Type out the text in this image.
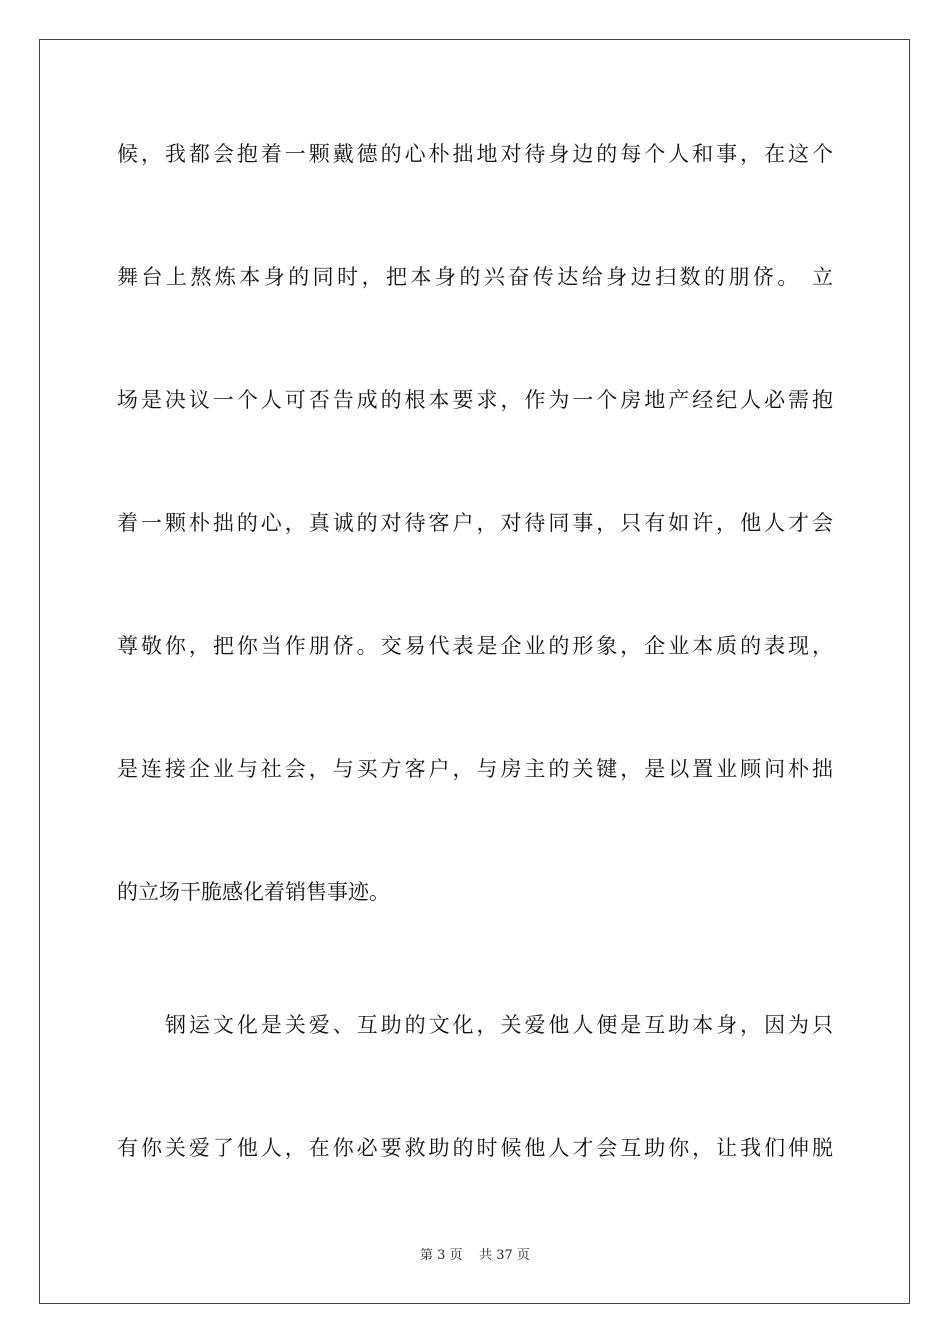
候，我都会抱着一颗戴德的心朴拙地对待身边的每个人和事，在这个
舞台上熬炼本身的同时，把本身的兴奋传达给身边扫数的朋侪。 立
场是决议一个人可否告成的根本要求，作为一个房地产经纪人必需抱
着一颗朴拙的心，真诚的对待客户，对待同事，只有如许，他人才会
尊敬你，把你当作朋侪。交易代表是企业的形象，企业本质的表现，
是连接企业与社会，与买方客户，与房主的关键，是以置业顾问朴拙
的立场干脆感化着销售事迹。
钢运文化是关爱、互助的文化，关爱他人便是互助本身，因为只
有你关爱了他人，在你必要救助的时候他人才会互助你，让我们伸脱
第 3 页 共 37 页
